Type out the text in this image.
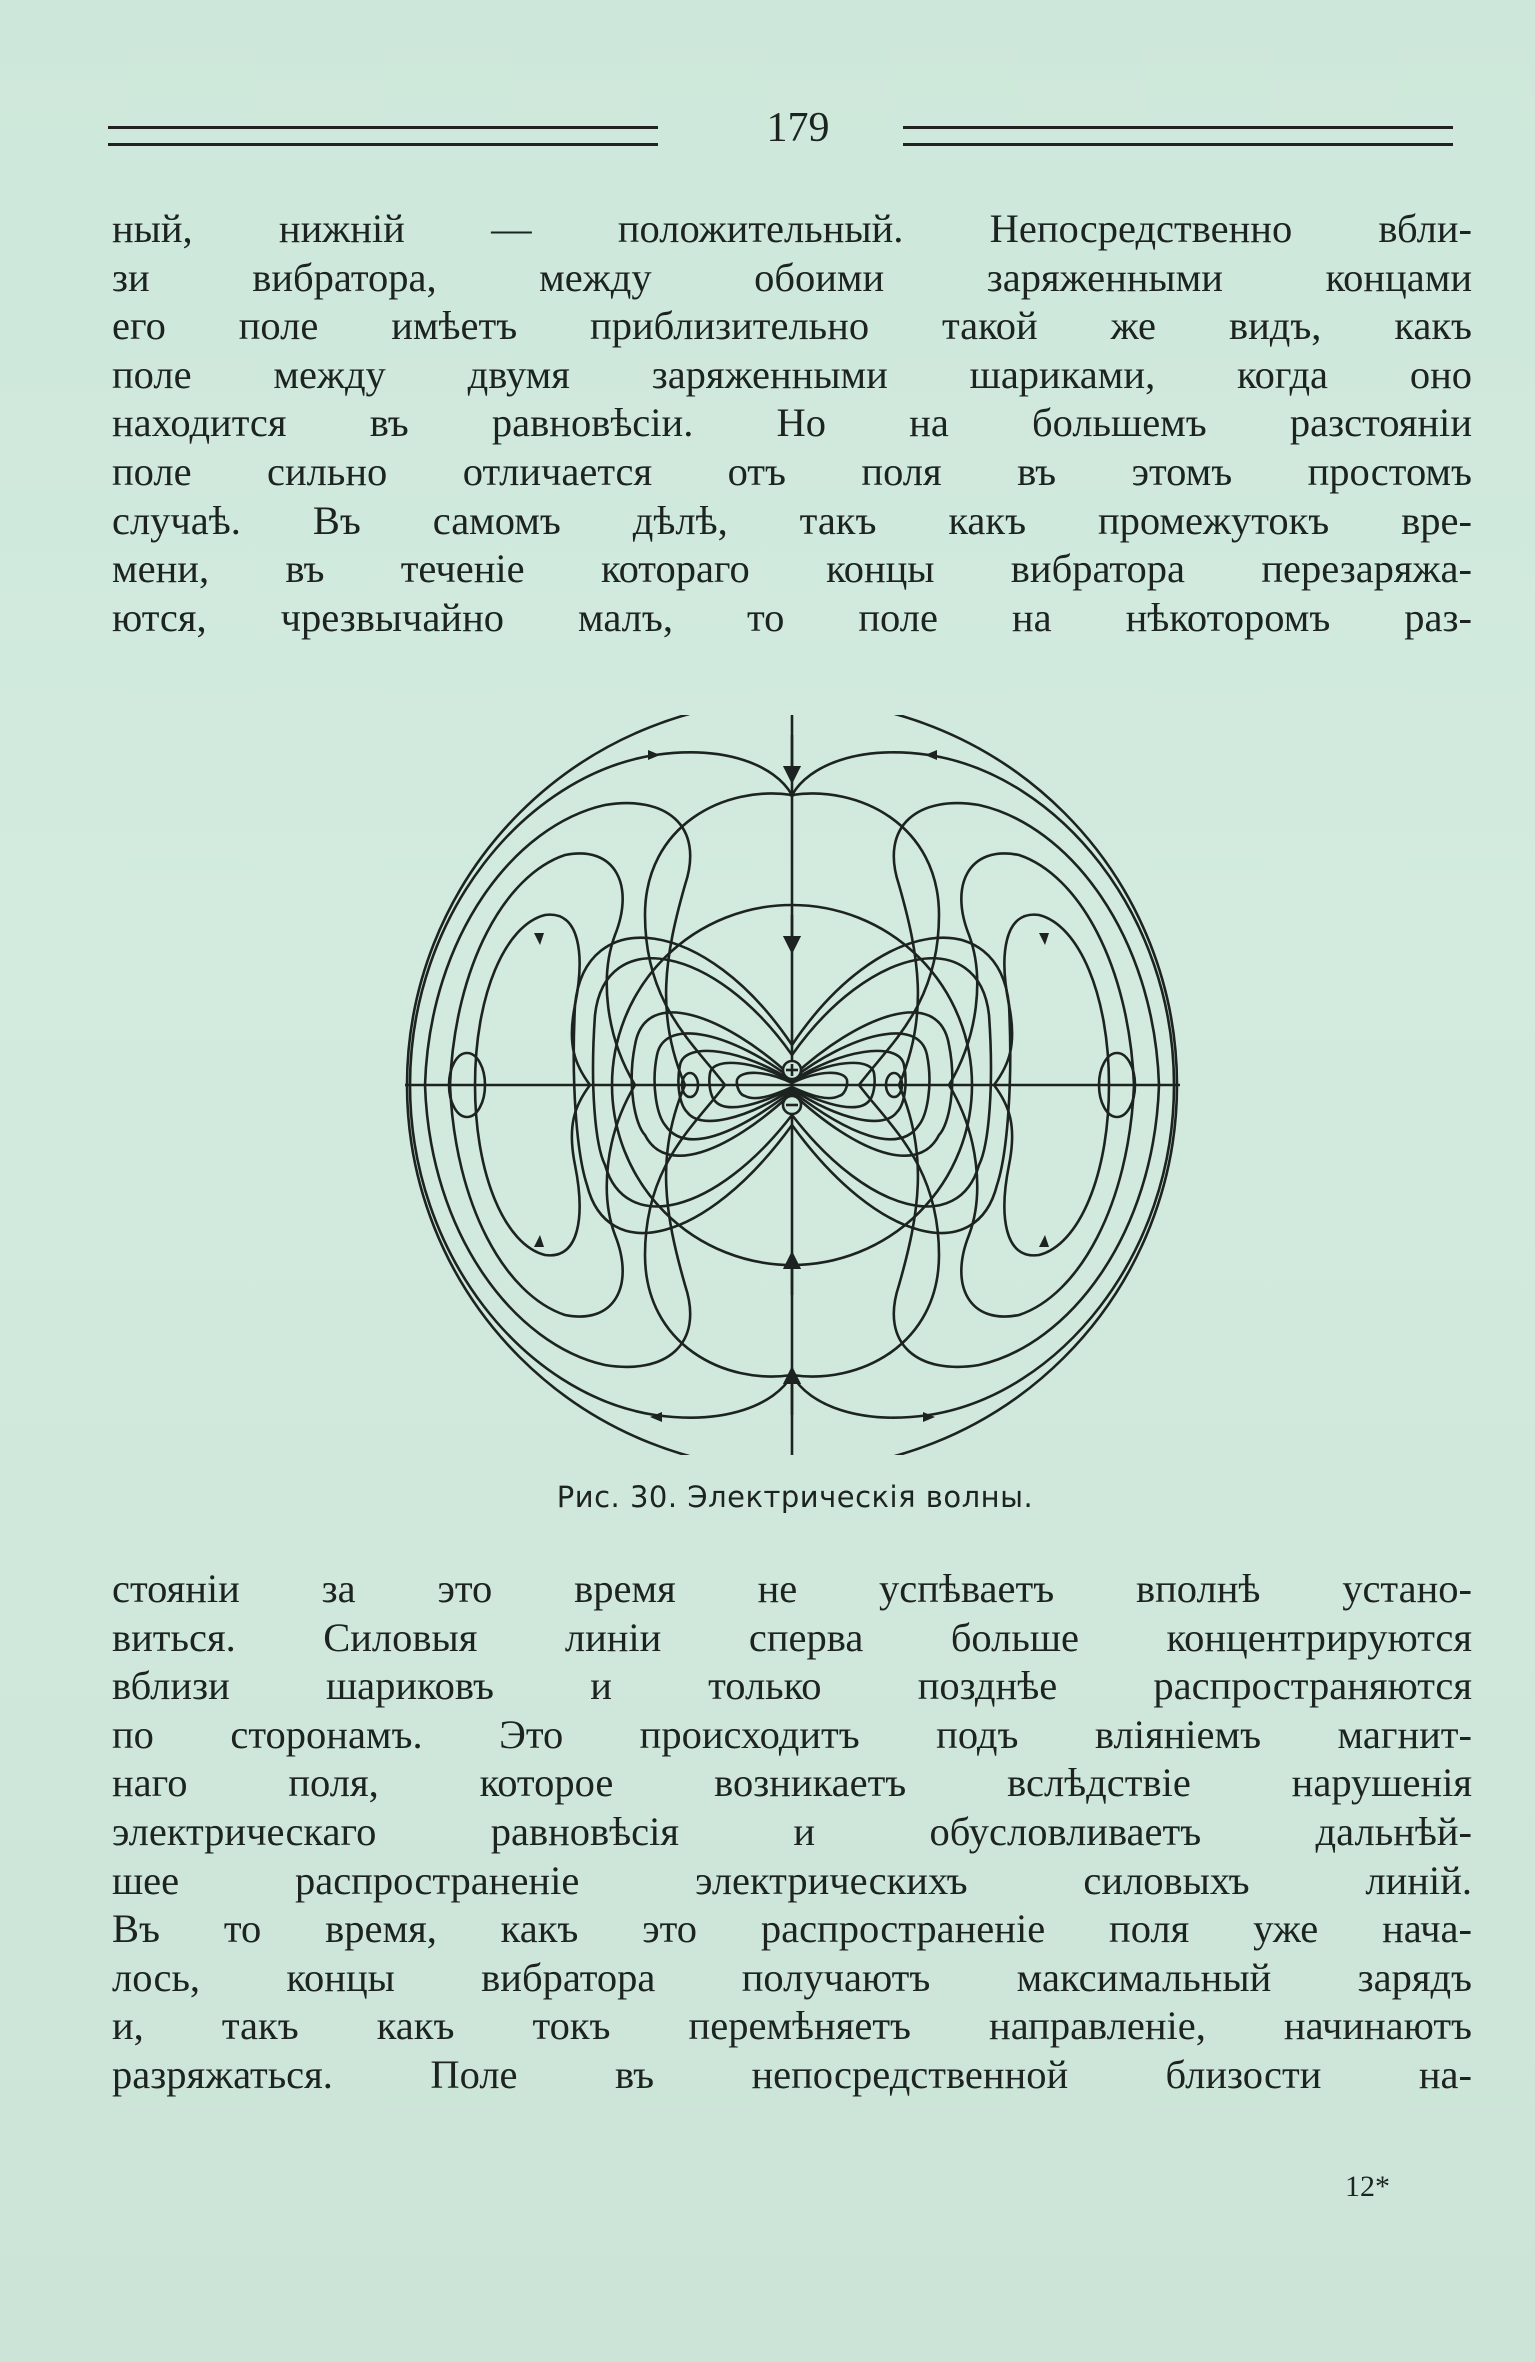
179

ный, нижнiй — положительный. Непосредственно вбли-
зи вибратора, между обоими заряженными концами
его поле имѣетъ приблизительно такой же видъ, какъ
поле между двумя заряженными шариками, когда оно
находится въ равновѣсiи. Но на большемъ разстоянiи
поле сильно отличается отъ поля въ этомъ простомъ
случаѣ. Въ самомъ дѣлѣ, такъ какъ промежутокъ вре-
мени, въ теченiе котораго концы вибратора перезаряжа-
ются, чрезвычайно малъ, то поле на нѣкоторомъ раз-

Рис. 30. Электрическiя волны.

стоянiи за это время не успѣваетъ вполнѣ устано-
виться. Силовыя линiи сперва больше концентрируются
вблизи шариковъ и только позднѣе распространяются
по сторонамъ. Это происходитъ подъ влiянiемъ магнит-
наго поля, которое возникаетъ вслѣдствiе нарушенiя
электрическаго равновѣсiя и обусловливаетъ дальнѣй-
шее распространенiе электрическихъ силовыхъ линiй.
Въ то время, какъ это распространенiе поля уже нача-
лось, концы вибратора получаютъ максимальный зарядъ
и, такъ какъ токъ перемѣняетъ направленiе, начинаютъ
разряжаться. Поле въ непосредственной близости на-

12*
